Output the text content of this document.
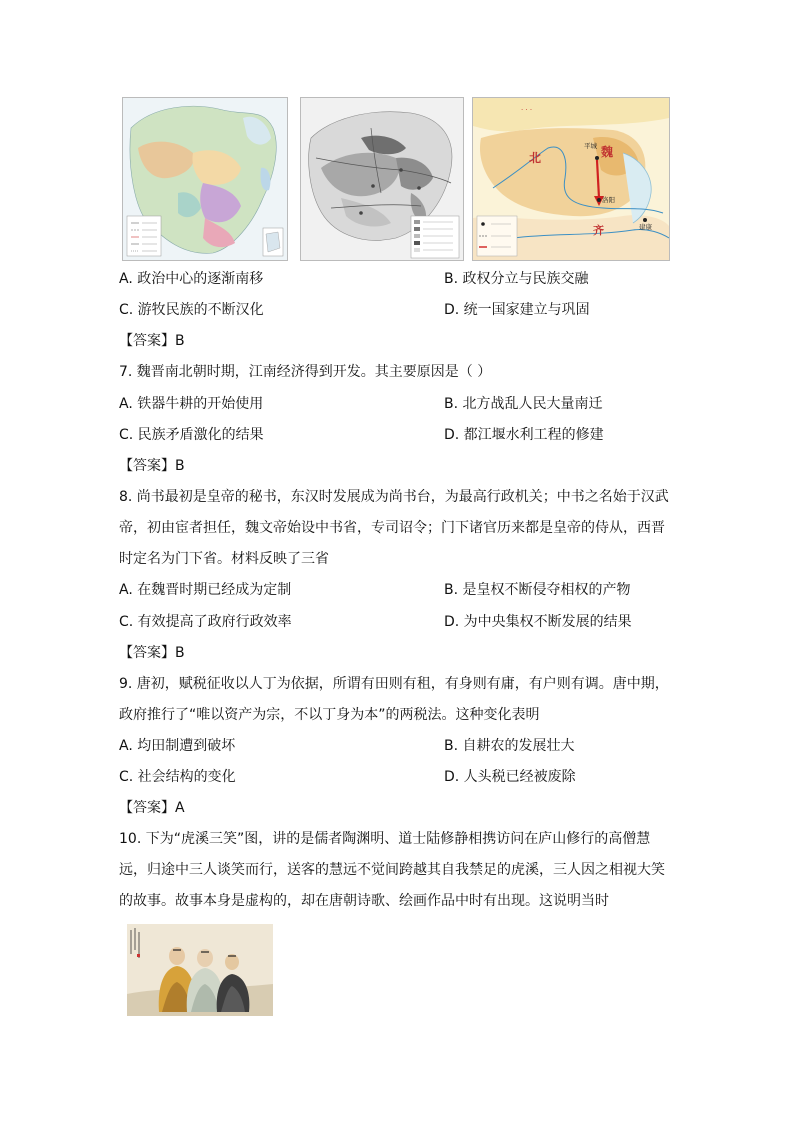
· · ·
北	魏
平城
洛阳
齐	建康
A. 政治中心的逐渐南移	B. 政权分立与民族交融
C. 游牧民族的不断汉化	D. 统一国家建立与巩固
【答案】B
7. 魏晋南北朝时期，江南经济得到开发。其主要原因是（ ）
A. 铁器牛耕的开始使用	B. 北方战乱人民大量南迁
C. 民族矛盾激化的结果	D. 都江堰水利工程的修建
【答案】B
8. 尚书最初是皇帝的秘书，东汉时发展成为尚书台，为最高行政机关；中书之名始于汉武
帝，初由宦者担任，魏文帝始设中书省，专司诏令；门下诸官历来都是皇帝的侍从，西晋
时定名为门下省。材料反映了三省
A. 在魏晋时期已经成为定制	B. 是皇权不断侵夺相权的产物
C. 有效提高了政府行政效率	D. 为中央集权不断发展的结果
【答案】B
9. 唐初，赋税征收以人丁为依据，所谓有田则有租，有身则有庸，有户则有调。唐中期，
政府推行了“唯以资产为宗，不以丁身为本”的两税法。这种变化表明
A. 均田制遭到破坏	B. 自耕农的发展壮大
C. 社会结构的变化	D. 人头税已经被废除
【答案】A
10. 下为“虎溪三笑”图，讲的是儒者陶渊明、道士陆修静相携访问在庐山修行的高僧慧
远，归途中三人谈笑而行，送客的慧远不觉间跨越其自我禁足的虎溪，三人因之相视大笑
的故事。故事本身是虚构的，却在唐朝诗歌、绘画作品中时有出现。这说明当时
